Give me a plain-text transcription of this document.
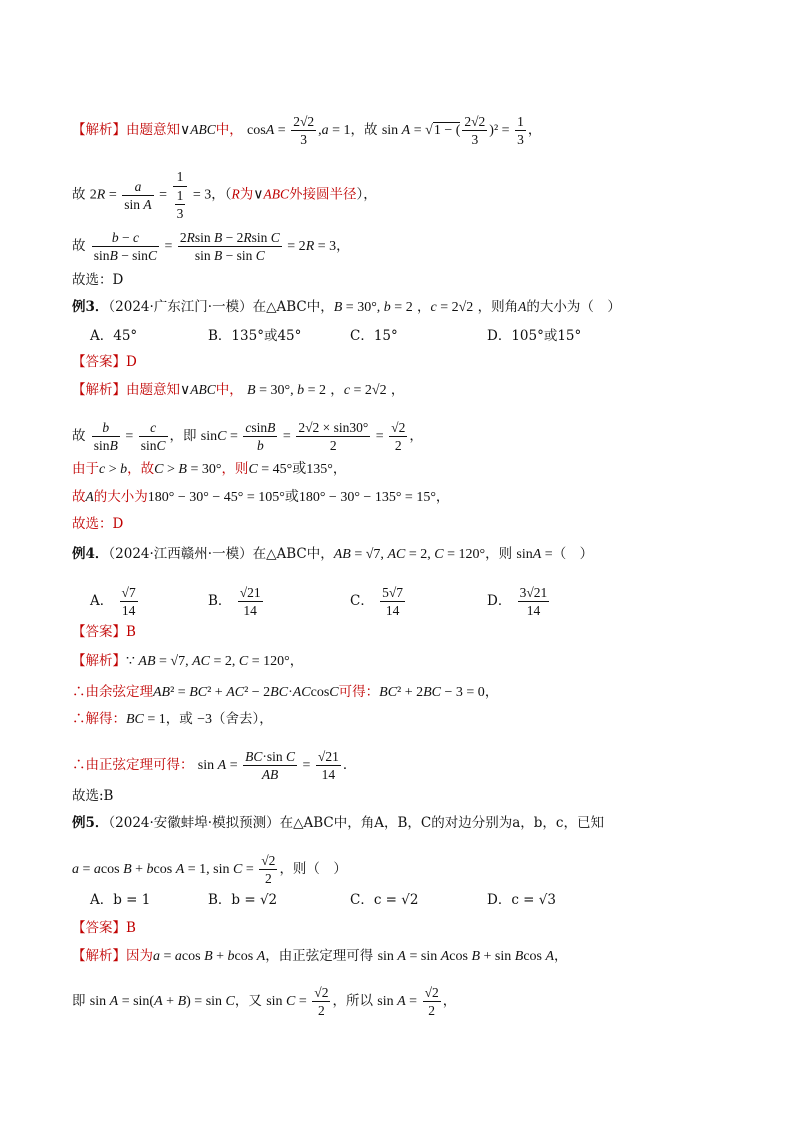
【解析】由题意知∨ABC中， $\cos A = \frac{2√2}{3} ,a = 1$，故 sin A = √1 − ( $\frac{2√2}{3} )^2 = \frac{1}{3}$ ，
故 $2R = \frac{a}{\text{sin A}} = \frac{1}{\frac{1}{3}} = 3$，（R为∨ABC外接圆半径），
故 $\frac{b - c}{\sin B - \sin C} = \frac{\text{2Rsin B − 2Rsin C}}{\text{sin B − sin C}} = 2R = 3$，
故选：D
例3．（2024·广东江门·一模）在△ABC中，B = 30°, b = 2 ，c = 2√2 ，则角A的大小为（　）
A．45°	B．135°或45°	C．15°	D．105°或15°
【答案】D
【解析】由题意知∨ABC中， B = 30°, b = 2 ，c = 2√2 ，
故 $\frac{b}{\sin B} = \frac{c}{\sin C}$ ，即 $\sin C = \frac{csinB}{b} = \frac{2√2 \times \sin 30^\circ}{2} = \frac{√2}{2}$ ，
由于c > b，故C > B = 30°，则C = 45°或135°，
故A的大小为180° − 30° − 45° = 105°或180° − 30° − 135° = 15°，
故选：D
例4．（2024·江西赣州·一模）在△ABC中，AB = √7, AC = 2, C = 120°，则 sinA =（　）
A． $\frac{√7}{14}$	B． $\frac{√21}{14}$	C． $\frac{5√7}{14}$	D． $\frac{3√21}{14}$
【答案】B
【解析】∵ AB = √7, AC = 2, C = 120°，
∴由余弦定理AB² = BC² + AC² − 2BC·ACcosC可得：BC² + 2BC − 3 = 0，
∴解得：BC = 1，或 −3（舍去），
∴由正弦定理可得： $\sin A = \frac{\text{BC·sin C}}{AB} = \frac{√21}{14}$ ．
故选:B
例5．（2024·安徽蚌埠·模拟预测）在△ABC中，角A，B，C的对边分别为a，b，c，已知
a = acos B + bcos A = 1, $\sin C = \frac{√2}{2}$ ，则（　）
A．b = 1	B．b = √2	C．c = √2	D．c = √3
【答案】B
【解析】因为a = acos B + bcos A，由正弦定理可得 sin A = sin Acos B + sin Bcos A，
即 sin A = sin(A + B) = sin C，又 $\sin C = \frac{√2}{2}$ ，所以 $\sin A = \frac{√2}{2}$ ，
